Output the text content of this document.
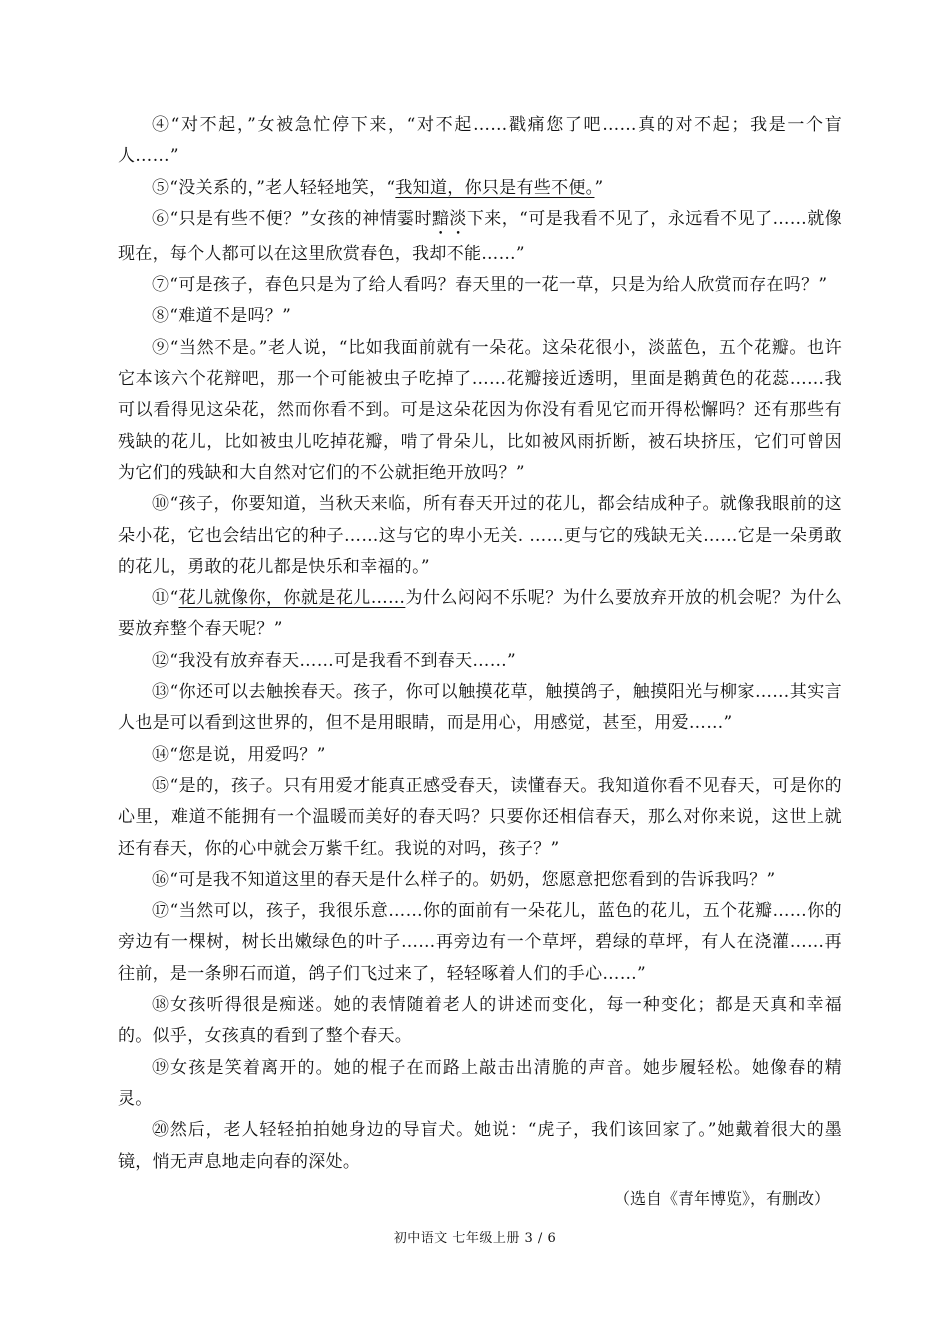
④“对不起，”女被急忙停下来，“对不起……戳痛您了吧……真的对不起；我是一个盲人……”

⑤“没关系的，”老人轻轻地笑，“我知道，你只是有些不便。”

⑥“只是有些不便？”女孩的神情霎时黯淡下来，“可是我看不见了，永远看不见了……就像现在，每个人都可以在这里欣赏春色，我却不能……”

⑦“可是孩子，春色只是为了给人看吗？春天里的一花一草，只是为给人欣赏而存在吗？”

⑧“难道不是吗？”

⑨“当然不是。”老人说，“比如我面前就有一朵花。这朵花很小，淡蓝色，五个花瓣。也许它本该六个花辩吧，那一个可能被虫子吃掉了……花瓣接近透明，里面是鹅黄色的花蕊……我可以看得见这朵花，然而你看不到。可是这朵花因为你没有看见它而开得松懈吗？还有那些有残缺的花儿，比如被虫儿吃掉花瓣，啃了骨朵儿，比如被风雨折断，被石块挤压，它们可曾因为它们的残缺和大自然对它们的不公就拒绝开放吗？”

⑩“孩子，你要知道，当秋天来临，所有春天开过的花儿，都会结成种子。就像我眼前的这朵小花，它也会结出它的种子……这与它的卑小无关. ……更与它的残缺无关……它是一朵勇敢的花儿，勇敢的花儿都是快乐和幸福的。”

⑪“花儿就像你，你就是花儿……为什么闷闷不乐呢？为什么要放弃开放的机会呢？为什么要放弃整个春天呢？”

⑫“我没有放弃春天……可是我看不到春天……”

⑬“你还可以去触挨春天。孩子，你可以触摸花草，触摸鸽子，触摸阳光与柳家……其实言人也是可以看到这世界的，但不是用眼睛，而是用心，用感觉，甚至，用爱……”

⑭“您是说，用爱吗？”

⑮“是的，孩子。只有用爱才能真正感受春天，读懂春天。我知道你看不见春天，可是你的心里，难道不能拥有一个温暖而美好的春天吗？只要你还相信春天，那么对你来说，这世上就还有春天，你的心中就会万紫千红。我说的对吗，孩子？”

⑯“可是我不知道这里的春天是什么样子的。奶奶，您愿意把您看到的告诉我吗？”

⑰“当然可以，孩子，我很乐意……你的面前有一朵花儿，蓝色的花儿，五个花瓣……你的旁边有一棵树，树长出嫩绿色的叶子……再旁边有一个草坪，碧绿的草坪，有人在浇灌……再往前，是一条卵石而道，鸽子们飞过来了，轻轻啄着人们的手心……”

⑱女孩听得很是痴迷。她的表情随着老人的讲述而变化，每一种变化；都是天真和幸福的。似乎，女孩真的看到了整个春天。

⑲女孩是笑着离开的。她的棍子在而路上敲击出清脆的声音。她步履轻松。她像春的精灵。

⑳然后，老人轻轻拍拍她身边的导盲犬。她说：“虎子，我们该回家了。”她戴着很大的墨镜，悄无声息地走向春的深处。

（选自《青年博览》，有删改）

初中语文 七年级上册 3 / 6
